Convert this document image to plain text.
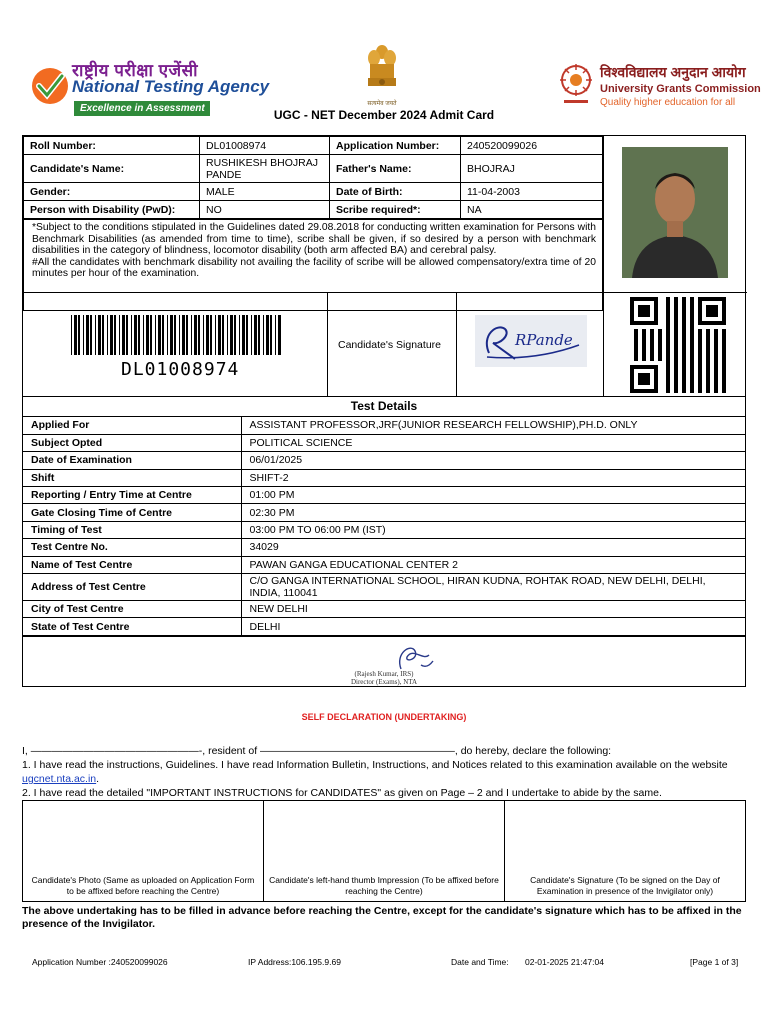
राष्ट्रीय परीक्षा एजेंसी
National Testing Agency
Excellence in Assessment	सत्यमेव जयते
विश्वविद्यालय अनुदान आयोग
University Grants Commission
Quality higher education for all
UGC - NET December 2024 Admit Card
Roll Number:	DL01008974	Application Number:	240520099026
Candidate's Name:	RUSHIKESH BHOJRAJ PANDE	Father's Name:	BHOJRAJ
Gender:	MALE	Date of Birth:	11-04-2003
Person with Disability (PwD):	NO	Scribe required*:	NA
*Subject to the conditions stipulated in the Guidelines dated 29.08.2018 for conducting written examination for Persons with Benchmark Disabilities (as amended from time to time), scribe shall be given, if so desired by a person with benchmark disabilities in the category of blindness, locomotor disability (both arm affected BA) and cerebral palsy.
#All the candidates with benchmark disability not availing the facility of scribe will be allowed compensatory/extra time of 20 minutes per hour of the examination.
DL01008974
Candidate's Signature	RPande
Test Details
Applied For	ASSISTANT PROFESSOR,JRF(JUNIOR RESEARCH FELLOWSHIP),PH.D. ONLY
Subject Opted	POLITICAL SCIENCE
Date of Examination	06/01/2025
Shift	SHIFT-2
Reporting / Entry Time at Centre	01:00 PM
Gate Closing Time of Centre	02:30 PM
Timing of Test	03:00 PM TO 06:00 PM (IST)
Test Centre No.	34029
Name of Test Centre	PAWAN GANGA EDUCATIONAL CENTER 2
Address of Test Centre	C/O GANGA INTERNATIONAL SCHOOL, HIRAN KUDNA, ROHTAK ROAD, NEW DELHI, DELHI, INDIA, 110041
City of Test Centre	NEW DELHI
State of Test Centre	DELHI
(Rajesh Kumar, IRS)
Director (Exams), NTA
SELF DECLARATION (UNDERTAKING)
I, ————————————————-, resident of ——————————————————–, do hereby, declare the following:
1. I have read the instructions, Guidelines. I have read Information Bulletin, Instructions, and Notices related to this examination available on the website ugcnet.nta.ac.in.
2. I have read the detailed "IMPORTANT INSTRUCTIONS for CANDIDATES" as given on Page – 2 and I undertake to abide by the same.
Candidate's Photo (Same as uploaded on Application Form to be affixed before reaching the Centre)
Candidate's left-hand thumb Impression (To be affixed before reaching the Centre)
Candidate's Signature (To be signed on the Day of Examination in presence of the Invigilator only)
The above undertaking has to be filled in advance before reaching the Centre, except for the candidate's signature which has to be affixed in the presence of the Invigilator.
Application Number :240520099026	IP Address:106.195.9.69	Date and Time: 02-01-2025 21:47:04	[Page 1 of 3]
